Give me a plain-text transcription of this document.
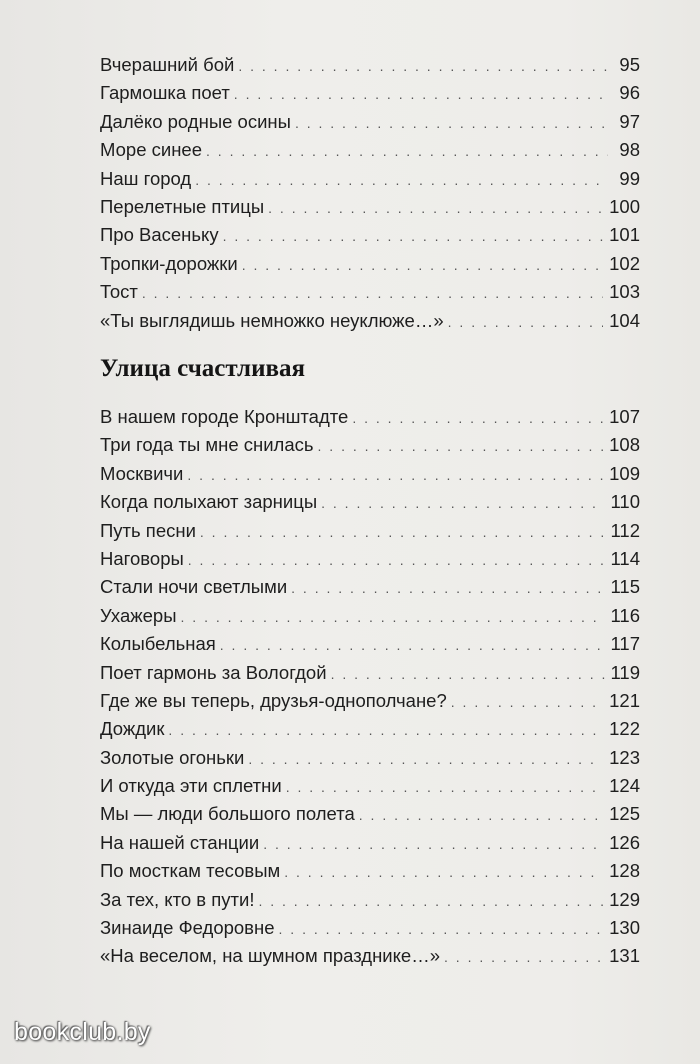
Вчерашний бой . . .	95
Гармошка поет . . .	96
Далёко родные осины . . .	97
Море синее . . .	98
Наш город . . .	99
Перелетные птицы . . .	100
Про Васеньку . . .	101
Тропки-дорожки . . .	102
Тост . . .	103
«Ты выглядишь немножко неуклюже…» . . .	104
Улица счастливая
В нашем городе Кронштадте . . .	107
Три года ты мне снилась . . .	108
Москвичи . . .	109
Когда полыхают зарницы . . .	110
Путь песни . . .	112
Наговоры . . .	114
Стали ночи светлыми . . .	115
Ухажеры . . .	116
Колыбельная . . .	117
Поет гармонь за Вологдой . . .	119
Где же вы теперь, друзья-однополчане? . . .	121
Дождик . . .	122
Золотые огоньки . . .	123
И откуда эти сплетни . . .	124
Мы — люди большого полета . . .	125
На нашей станции . . .	126
По мосткам тесовым . . .	128
За тех, кто в пути! . . .	129
Зинаиде Федоровне . . .	130
«На веселом, на шумном празднике…» . . .	131
bookclub.by
